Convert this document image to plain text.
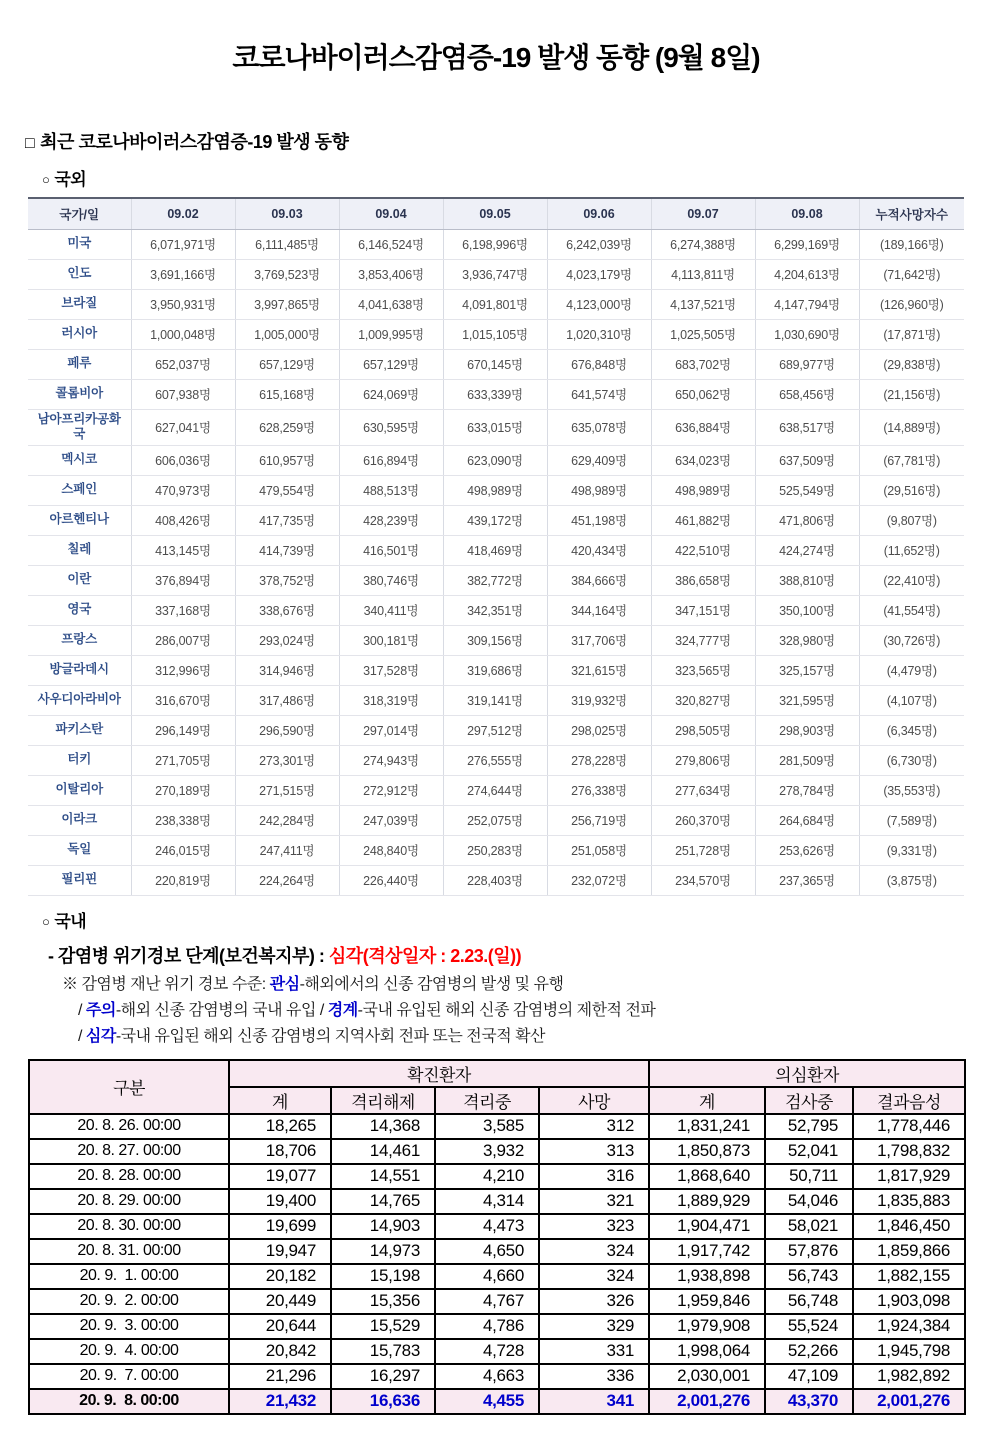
코로나바이러스감염증-19 발생 동향 (9월 8일)
□ 최근 코로나바이러스감염증-19 발생 동향
○ 국외
국가/일	09.02	09.03	09.04	09.05	09.06	09.07	09.08	누적사망자수
미국	6,071,971명	6,111,485명	6,146,524명	6,198,996명	6,242,039명	6,274,388명	6,299,169명	(189,166명)
인도	3,691,166명	3,769,523명	3,853,406명	3,936,747명	4,023,179명	4,113,811명	4,204,613명	(71,642명)
브라질	3,950,931명	3,997,865명	4,041,638명	4,091,801명	4,123,000명	4,137,521명	4,147,794명	(126,960명)
러시아	1,000,048명	1,005,000명	1,009,995명	1,015,105명	1,020,310명	1,025,505명	1,030,690명	(17,871명)
페루	652,037명	657,129명	657,129명	670,145명	676,848명	683,702명	689,977명	(29,838명)
콜롬비아	607,938명	615,168명	624,069명	633,339명	641,574명	650,062명	658,456명	(21,156명)
남아프리카공화국	627,041명	628,259명	630,595명	633,015명	635,078명	636,884명	638,517명	(14,889명)
멕시코	606,036명	610,957명	616,894명	623,090명	629,409명	634,023명	637,509명	(67,781명)
스페인	470,973명	479,554명	488,513명	498,989명	498,989명	498,989명	525,549명	(29,516명)
아르헨티나	408,426명	417,735명	428,239명	439,172명	451,198명	461,882명	471,806명	(9,807명)
칠레	413,145명	414,739명	416,501명	418,469명	420,434명	422,510명	424,274명	(11,652명)
이란	376,894명	378,752명	380,746명	382,772명	384,666명	386,658명	388,810명	(22,410명)
영국	337,168명	338,676명	340,411명	342,351명	344,164명	347,151명	350,100명	(41,554명)
프랑스	286,007명	293,024명	300,181명	309,156명	317,706명	324,777명	328,980명	(30,726명)
방글라데시	312,996명	314,946명	317,528명	319,686명	321,615명	323,565명	325,157명	(4,479명)
사우디아라비아	316,670명	317,486명	318,319명	319,141명	319,932명	320,827명	321,595명	(4,107명)
파키스탄	296,149명	296,590명	297,014명	297,512명	298,025명	298,505명	298,903명	(6,345명)
터키	271,705명	273,301명	274,943명	276,555명	278,228명	279,806명	281,509명	(6,730명)
이탈리아	270,189명	271,515명	272,912명	274,644명	276,338명	277,634명	278,784명	(35,553명)
이라크	238,338명	242,284명	247,039명	252,075명	256,719명	260,370명	264,684명	(7,589명)
독일	246,015명	247,411명	248,840명	250,283명	251,058명	251,728명	253,626명	(9,331명)
필리핀	220,819명	224,264명	226,440명	228,403명	232,072명	234,570명	237,365명	(3,875명)
○ 국내
- 감염병 위기경보 단계(보건복지부) : 심각(격상일자 : 2.23.(일))
※ 감염병 재난 위기 경보 수준: 관심-해외에서의 신종 감염병의 발생 및 유행
/ 주의-해외 신종 감염병의 국내 유입 / 경계-국내 유입된 해외 신종 감염병의 제한적 전파
/ 심각-국내 유입된 해외 신종 감염병의 지역사회 전파 또는 전국적 확산
구분	확진환자				의심환자		
	계	격리해제	격리중	사망	계	검사중	결과음성
20. 8. 26. 00:00	18,265	14,368	3,585	312	1,831,241	52,795	1,778,446
20. 8. 27. 00:00	18,706	14,461	3,932	313	1,850,873	52,041	1,798,832
20. 8. 28. 00:00	19,077	14,551	4,210	316	1,868,640	50,711	1,817,929
20. 8. 29. 00:00	19,400	14,765	4,314	321	1,889,929	54,046	1,835,883
20. 8. 30. 00:00	19,699	14,903	4,473	323	1,904,471	58,021	1,846,450
20. 8. 31. 00:00	19,947	14,973	4,650	324	1,917,742	57,876	1,859,866
20. 9.  1. 00:00	20,182	15,198	4,660	324	1,938,898	56,743	1,882,155
20. 9.  2. 00:00	20,449	15,356	4,767	326	1,959,846	56,748	1,903,098
20. 9.  3. 00:00	20,644	15,529	4,786	329	1,979,908	55,524	1,924,384
20. 9.  4. 00:00	20,842	15,783	4,728	331	1,998,064	52,266	1,945,798
20. 9.  7. 00:00	21,296	16,297	4,663	336	2,030,001	47,109	1,982,892
20. 9.  8. 00:00	21,432	16,636	4,455	341	2,001,276	43,370	2,001,276
